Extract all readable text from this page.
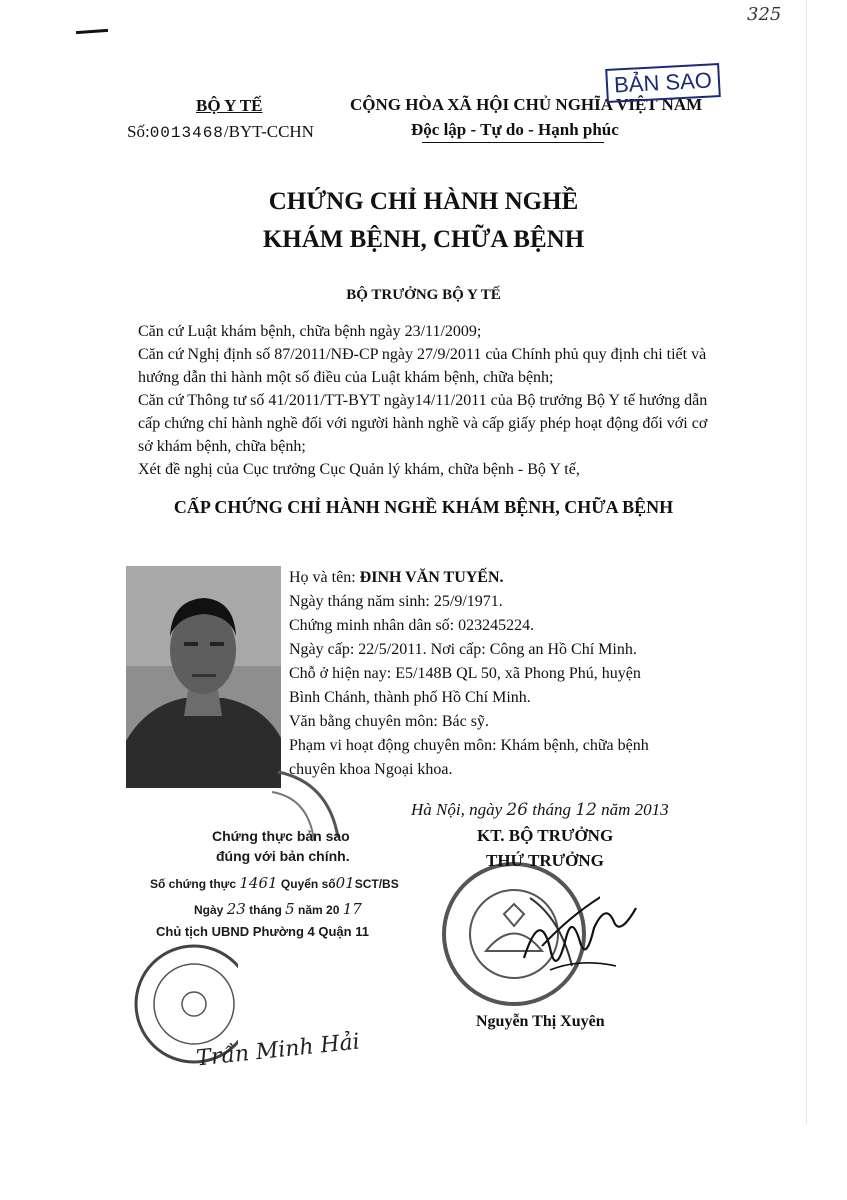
325
BỘ Y TẾ
Số:0013468/BYT-CCHN
CỘNG HÒA XÃ HỘI CHỦ NGHĨA VIỆT NAM
Độc lập - Tự do - Hạnh phúc
BẢN SAO
CHỨNG CHỈ HÀNH NGHỀ
KHÁM BỆNH, CHỮA BỆNH
BỘ TRƯỞNG BỘ Y TẾ

Căn cứ Luật khám bệnh, chữa bệnh ngày 23/11/2009;

Căn cứ Nghị định số 87/2011/NĐ-CP ngày 27/9/2011 của Chính phủ quy định chi tiết và hướng dẫn thi hành một số điều của Luật khám bệnh, chữa bệnh;

Căn cứ Thông tư số 41/2011/TT-BYT ngày14/11/2011 của Bộ trưởng Bộ Y tế hướng dẫn cấp chứng chỉ hành nghề đối với người hành nghề và cấp giấy phép hoạt động đối với cơ sở khám bệnh, chữa bệnh;

Xét đề nghị của Cục trưởng Cục Quản lý khám, chữa bệnh - Bộ Y tế,

CẤP CHỨNG CHỈ HÀNH NGHỀ KHÁM BỆNH, CHỮA BỆNH
Họ và tên: ĐINH VĂN TUYẾN.
Ngày tháng năm sinh: 25/9/1971.
Chứng minh nhân dân số: 023245224.
Ngày cấp: 22/5/2011. Nơi cấp: Công an Hồ Chí Minh.
Chỗ ở hiện nay: E5/148B QL 50, xã Phong Phú, huyện
Bình Chánh, thành phố Hồ Chí Minh.
Văn bằng chuyên môn: Bác sỹ.
Phạm vi hoạt động chuyên môn: Khám bệnh, chữa bệnh
chuyên khoa Ngoại khoa.
Hà Nội, ngày 26 tháng 12 năm 2013
KT. BỘ TRƯỞNG
THỨ TRƯỞNG
Nguyễn Thị Xuyên
Chứng thực bản sao
đúng với bản chính.
Số chứng thực 1461 Quyển số01SCT/BS
Ngày 23 tháng 5 năm 20 17
Chủ tịch UBND Phường 4 Quận 11
Trần Minh Hải
